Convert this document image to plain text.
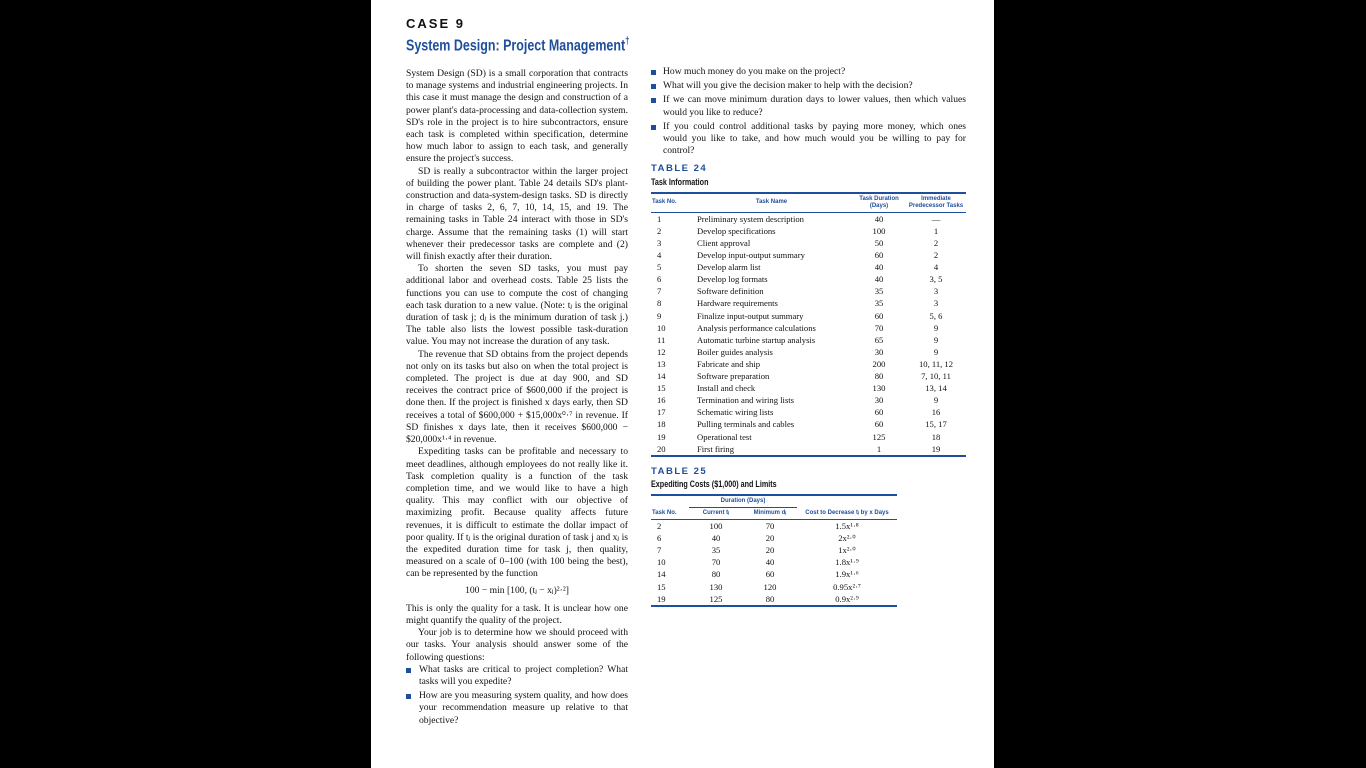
CASE 9
System Design: Project Management†

System Design (SD) is a small corporation that contracts to manage systems and industrial engineering projects. In this case it must manage the design and construction of a power plant's data-processing and data-collection system. SD's role in the project is to hire subcontractors, ensure each task is completed within specification, determine how much labor to assign to each task, and generally ensure the project's success.

SD is really a subcontractor within the larger project of building the power plant. Table 24 details SD's plant-construction and data-system-design tasks. SD is directly in charge of tasks 2, 6, 7, 10, 14, 15, and 19. The remaining tasks in Table 24 interact with those in SD's charge. Assume that the remaining tasks (1) will start whenever their predecessor tasks are complete and (2) will finish exactly after their duration.

To shorten the seven SD tasks, you must pay additional labor and overhead costs. Table 25 lists the functions you can use to compute the cost of changing each task duration to a new value. (Note: tⱼ is the original duration of task j; dⱼ is the minimum duration of task j.) The table also lists the lowest possible task-duration value. You may not increase the duration of any task.

The revenue that SD obtains from the project depends not only on its tasks but also on when the total project is completed. The project is due at day 900, and SD receives the contract price of $600,000 if the project is done then. If the project is finished x days early, then SD receives a total of $600,000 + $15,000x⁰·⁷ in revenue. If SD finishes x days late, then it receives $600,000 − $20,000x¹·⁴ in revenue.

Expediting tasks can be profitable and necessary to meet deadlines, although employees do not really like it. Task completion quality is a function of the task completion time, and we would like to have a high quality. This may conflict with our objective of maximizing profit. Because quality affects future revenues, it is difficult to estimate the dollar impact of poor quality. If tⱼ is the original duration of task j and xⱼ is the expedited duration time for task j, then quality, measured on a scale of 0–100 (with 100 being the best), can be represented by the function

100 − min [100, (tⱼ − xⱼ)²·²]

This is only the quality for a task. It is unclear how one might quantify the quality of the project.

Your job is to determine how we should proceed with our tasks. Your analysis should answer some of the following questions:

What tasks are critical to project completion? What tasks will you expedite?
How are you measuring system quality, and how does your recommendation measure up relative to that objective?
How much money do you make on the project?
What will you give the decision maker to help with the decision?
If we can move minimum duration days to lower values, then which values would you like to reduce?
If you could control additional tasks by paying more money, which ones would you like to take, and how much would you be willing to pay for control?
TABLE 24
Task Information
Task No.	Task Name	Task Duration (Days)	Immediate Predecessor Tasks
1	Preliminary system description	40	—
2	Develop specifications	100	1
3	Client approval	50	2
4	Develop input-output summary	60	2
5	Develop alarm list	40	4
6	Develop log formats	40	3, 5
7	Software definition	35	3
8	Hardware requirements	35	3
9	Finalize input-output summary	60	5, 6
10	Analysis performance calculations	70	9
11	Automatic turbine startup analysis	65	9
12	Boiler guides analysis	30	9
13	Fabricate and ship	200	10, 11, 12
14	Software preparation	80	7, 10, 11
15	Install and check	130	13, 14
16	Termination and wiring lists	30	9
17	Schematic wiring lists	60	16
18	Pulling terminals and cables	60	15, 17
19	Operational test	125	18
20	First firing	1	19
TABLE 25
Expediting Costs ($1,000) and Limits
	Duration (Days)		
Task No.	Current tⱼ	Minimum dⱼ	Cost to Decrease tⱼ by x Days
2	100	70	1.5x¹·⁸
6	40	20	2x²·⁰
7	35	20	1x²·⁰
10	70	40	1.8x¹·⁹
14	80	60	1.9x¹·⁶
15	130	120	0.95x²·⁷
19	125	80	0.9x²·⁹
